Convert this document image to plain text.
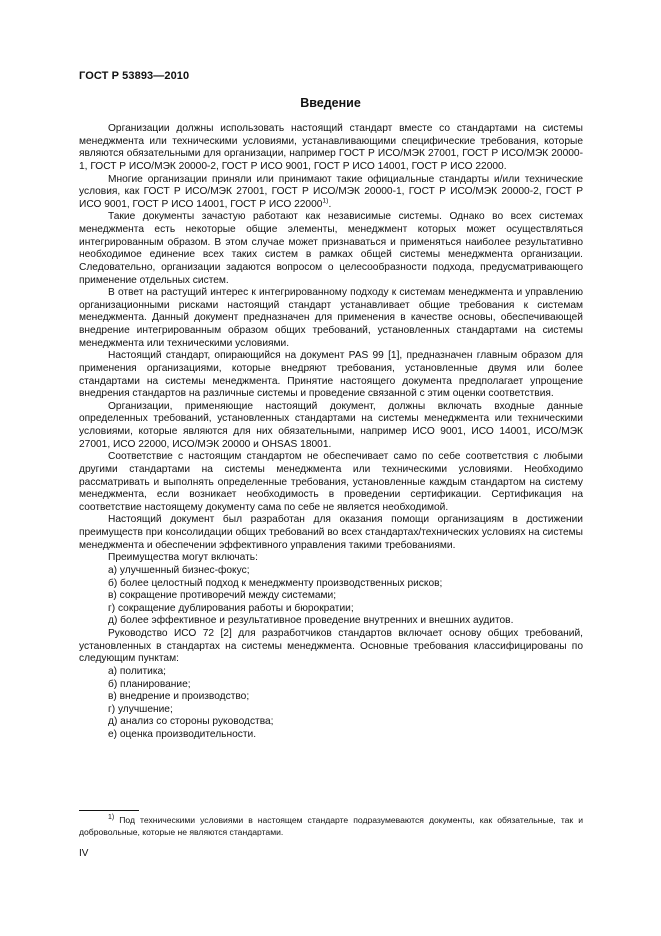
ГОСТ Р 53893—2010
Введение

Организации должны использовать настоящий стандарт вместе со стандартами на системы менеджмента или техническими условиями, устанавливающими специфические требования, которые являются обязательными для организации, например ГОСТ Р ИСО/МЭК 27001, ГОСТ Р ИСО/МЭК 20000-1, ГОСТ Р ИСО/МЭК 20000-2, ГОСТ Р ИСО 9001, ГОСТ Р ИСО 14001, ГОСТ Р ИСО 22000.

Многие организации приняли или принимают такие официальные стандарты и/или технические условия, как ГОСТ Р ИСО/МЭК 27001, ГОСТ Р ИСО/МЭК 20000-1, ГОСТ Р ИСО/МЭК 20000-2, ГОСТ Р ИСО 9001, ГОСТ Р ИСО 14001, ГОСТ Р ИСО 22000$^{1)}$.

Такие документы зачастую работают как независимые системы. Однако во всех системах менеджмента есть некоторые общие элементы, менеджмент которых может осуществляться интегрированным образом. В этом случае может признаваться и применяться наиболее результативно необходимое единение всех таких систем в рамках общей системы менеджмента организации. Следовательно, организации задаются вопросом о целесообразности подхода, предусматривающего применение отдельных систем.

В ответ на растущий интерес к интегрированному подходу к системам менеджмента и управлению организационными рисками настоящий стандарт устанавливает общие требования к системам менеджмента. Данный документ предназначен для применения в качестве основы, обеспечивающей внедрение интегрированным образом общих требований, установленных стандартами на системы менеджмента или техническими условиями.

Настоящий стандарт, опирающийся на документ PAS 99 [1], предназначен главным образом для применения организациями, которые внедряют требования, установленные двумя или более стандартами на системы менеджмента. Принятие настоящего документа предполагает упрощение внедрения стандартов на различные системы и проведение связанной с этим оценки соответствия.

Организации, применяющие настоящий документ, должны включать входные данные определенных требований, установленных стандартами на системы менеджмента или техническими условиями, которые являются для них обязательными, например ИСО 9001, ИСО 14001, ИСО/МЭК 27001, ИСО 22000, ИСО/МЭК 20000 и OHSAS 18001.

Соответствие с настоящим стандартом не обеспечивает само по себе соответствия с любыми другими стандартами на системы менеджмента или техническими условиями. Необходимо рассматривать и выполнять определенные требования, установленные каждым стандартом на систему менеджмента, если возникает необходимость в проведении сертификации. Сертификация на соответствие настоящему документу сама по себе не является необходимой.

Настоящий документ был разработан для оказания помощи организациям в достижении преимуществ при консолидации общих требований во всех стандартах/технических условиях на системы менеджмента и обеспечении эффективного управления такими требованиями.

Преимущества могут включать:

а) улучшенный бизнес-фокус;

б) более целостный подход к менеджменту производственных рисков;

в) сокращение противоречий между системами;

г) сокращение дублирования работы и бюрократии;

д) более эффективное и результативное проведение внутренних и внешних аудитов.

Руководство ИСО 72 [2] для разработчиков стандартов включает основу общих требований, установленных в стандартах на системы менеджмента. Основные требования классифицированы по следующим пунктам:

а) политика;

б) планирование;

в) внедрение и производство;

г) улучшение;

д) анализ со стороны руководства;

е) оценка производительности.

$^{1)}$ Под техническими условиями в настоящем стандарте подразумеваются документы, как обязательные, так и добровольные, которые не являются стандартами.
IV
